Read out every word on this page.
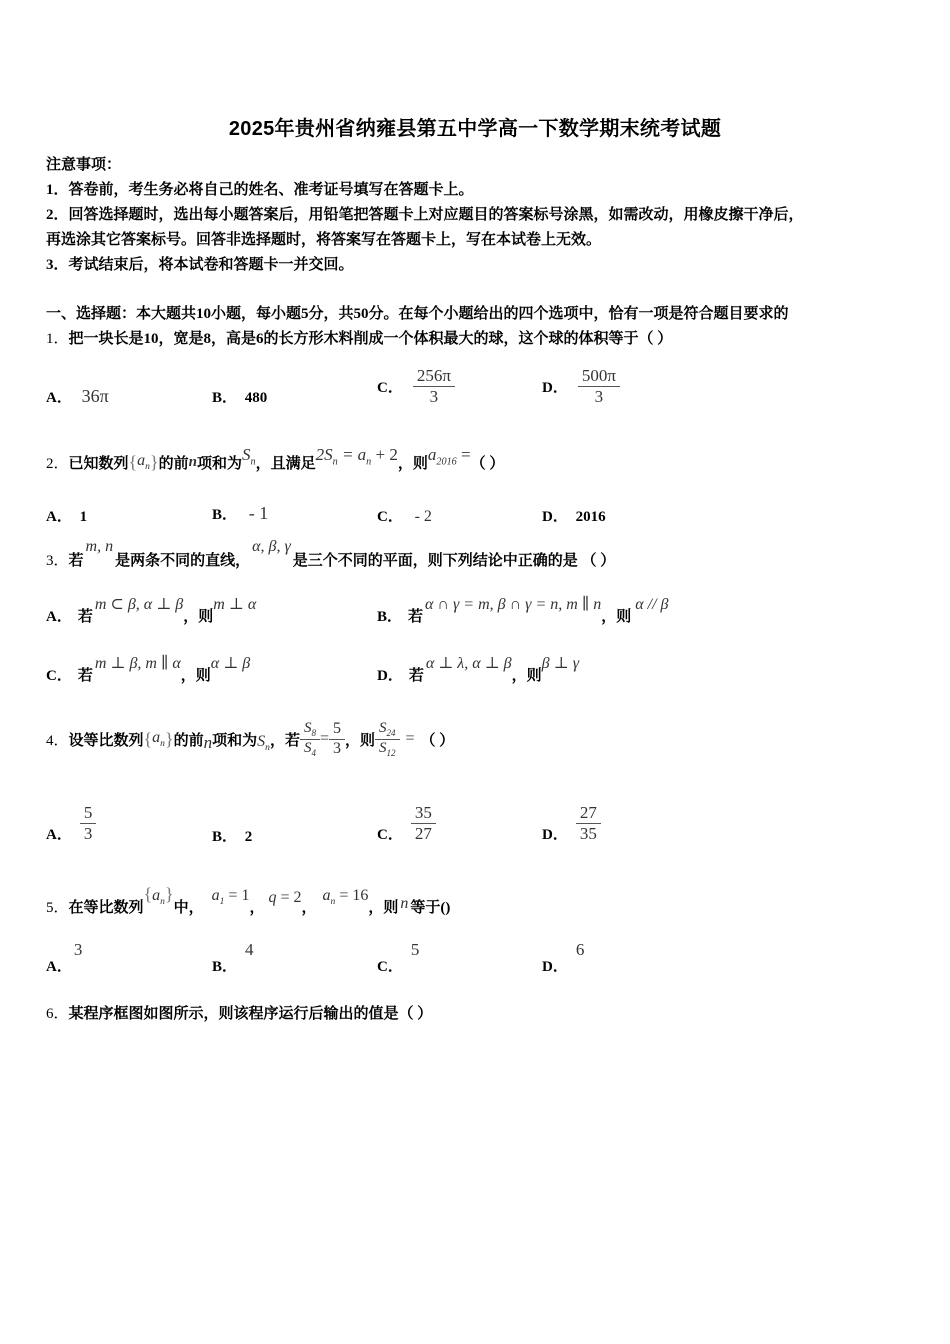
2025年贵州省纳雍县第五中学高一下数学期末统考试题
注意事项：
1．答卷前，考生务必将自己的姓名、准考证号填写在答题卡上。
2．回答选择题时，选出每小题答案后，用铅笔把答题卡上对应题目的答案标号涂黑，如需改动，用橡皮擦干净后，
再选涂其它答案标号。回答非选择题时，将答案写在答题卡上，写在本试卷上无效。
3．考试结束后，将本试卷和答题卡一并交回。
一、选择题：本大题共10小题，每小题5分，共50分。在每个小题给出的四个选项中，恰有一项是符合题目要求的
1．把一块长是10，宽是8，高是6的长方形木料削成一个体积最大的球，这个球的体积等于（ ）
A． 36π	B． 480
C． $\frac{256\pi}{3}$	D． $\frac{500\pi}{3}$
2． 已知数列 { $a_n$ } 的前 n 项和为 $S_n$ ，且满足 $2S_n = a_n + 2$ ，则 $a_{2016}$ = （ ）
A． 1	B． - 1	C． - 2	D． 2016
3． 若
m, n
是两条不同的直线，
α, β, γ
是三个不同的平面，则下列结论中正确的是 （ ）
A． 若
m ⊂ β, α ⊥ β
，则
m ⊥ α
B． 若
α ∩ γ = m, β ∩ γ = n, m ∥ n
，则
α // β
C． 若
m ⊥ β, m ∥ α
，则
α ⊥ β
D． 若
α ⊥ λ, α ⊥ β
，则
β ⊥ γ
4． 设等比数列 { $a_n$ } 的前 n 项和为 $S_n$ ，若 $\frac{S_8}{S_4} = \frac{5}{3}$ ，则 $\frac{S_{24}}{S_{12}}$ = （ ）
A． $\frac{5}{3}$	B． 2	C． $\frac{35}{27}$	D． $\frac{27}{35}$
5． 在等比数列
$\{a_n\}$
中，
$a_1 = 1$
，
q = 2
，
$a_n = 16$
，则 n 等于()
A．
3
B．
4
C．
5
D．
6
6．某程序框图如图所示，则该程序运行后输出的值是（ ）
